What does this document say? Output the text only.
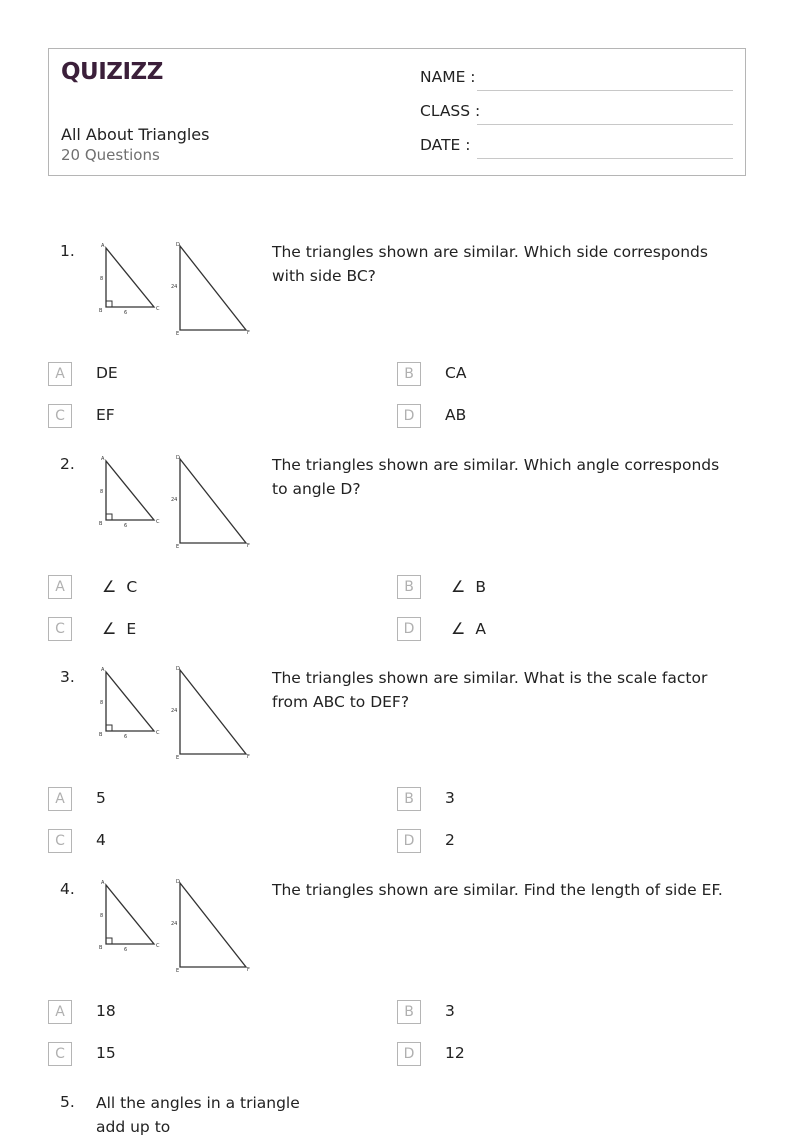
QUIZIZZ
All About Triangles
20 Questions
NAME :
CLASS :
DATE :
1.	A
B	C
D
E	F
8
6
24
The triangles shown are similar. Which side corresponds with side BC?
A	DE	B	CA
C	EF	D	AB
2.	A
B	C
D
E	F
8
6
24
The triangles shown are similar. Which angle corresponds to angle D?
A	∠ C	B	∠ B
C	∠ E	D	∠ A
3.	A
B	C
D
E	F
8
6
24
The triangles shown are similar. What is the scale factor from ABC to DEF?
A	5	B	3
C	4	D	2
4.	A
B	C
D
E	F
8
6
24
The triangles shown are similar. Find the length of side EF.
A	18	B	3
C	15	D	12
5. All the angles in a triangle add up to
